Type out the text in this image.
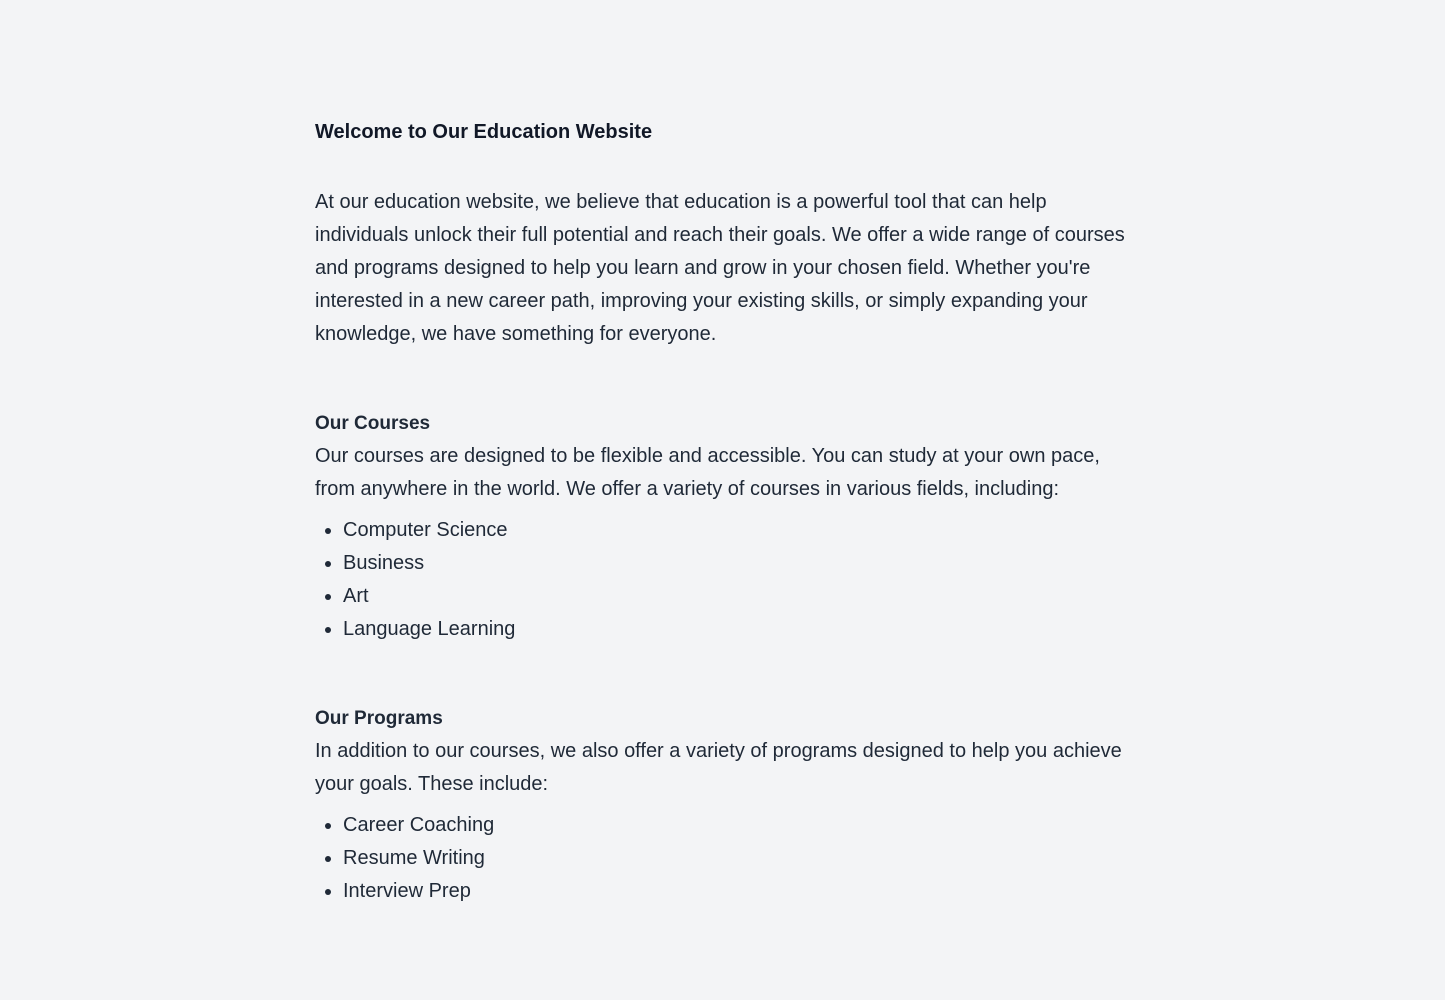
Welcome to Our Education Website

At our education website, we believe that education is a powerful tool that can help individuals unlock their full potential and reach their goals. We offer a wide range of courses and programs designed to help you learn and grow in your chosen field. Whether you're interested in a new career path, improving your existing skills, or simply expanding your knowledge, we have something for everyone.

Our Courses

Our courses are designed to be flexible and accessible. You can study at your own pace, from anywhere in the world. We offer a variety of courses in various fields, including:

• Computer Science
• Business
• Art
• Language Learning
Our Programs

In addition to our courses, we also offer a variety of programs designed to help you achieve your goals. These include:

• Career Coaching
• Resume Writing
• Interview Prep
